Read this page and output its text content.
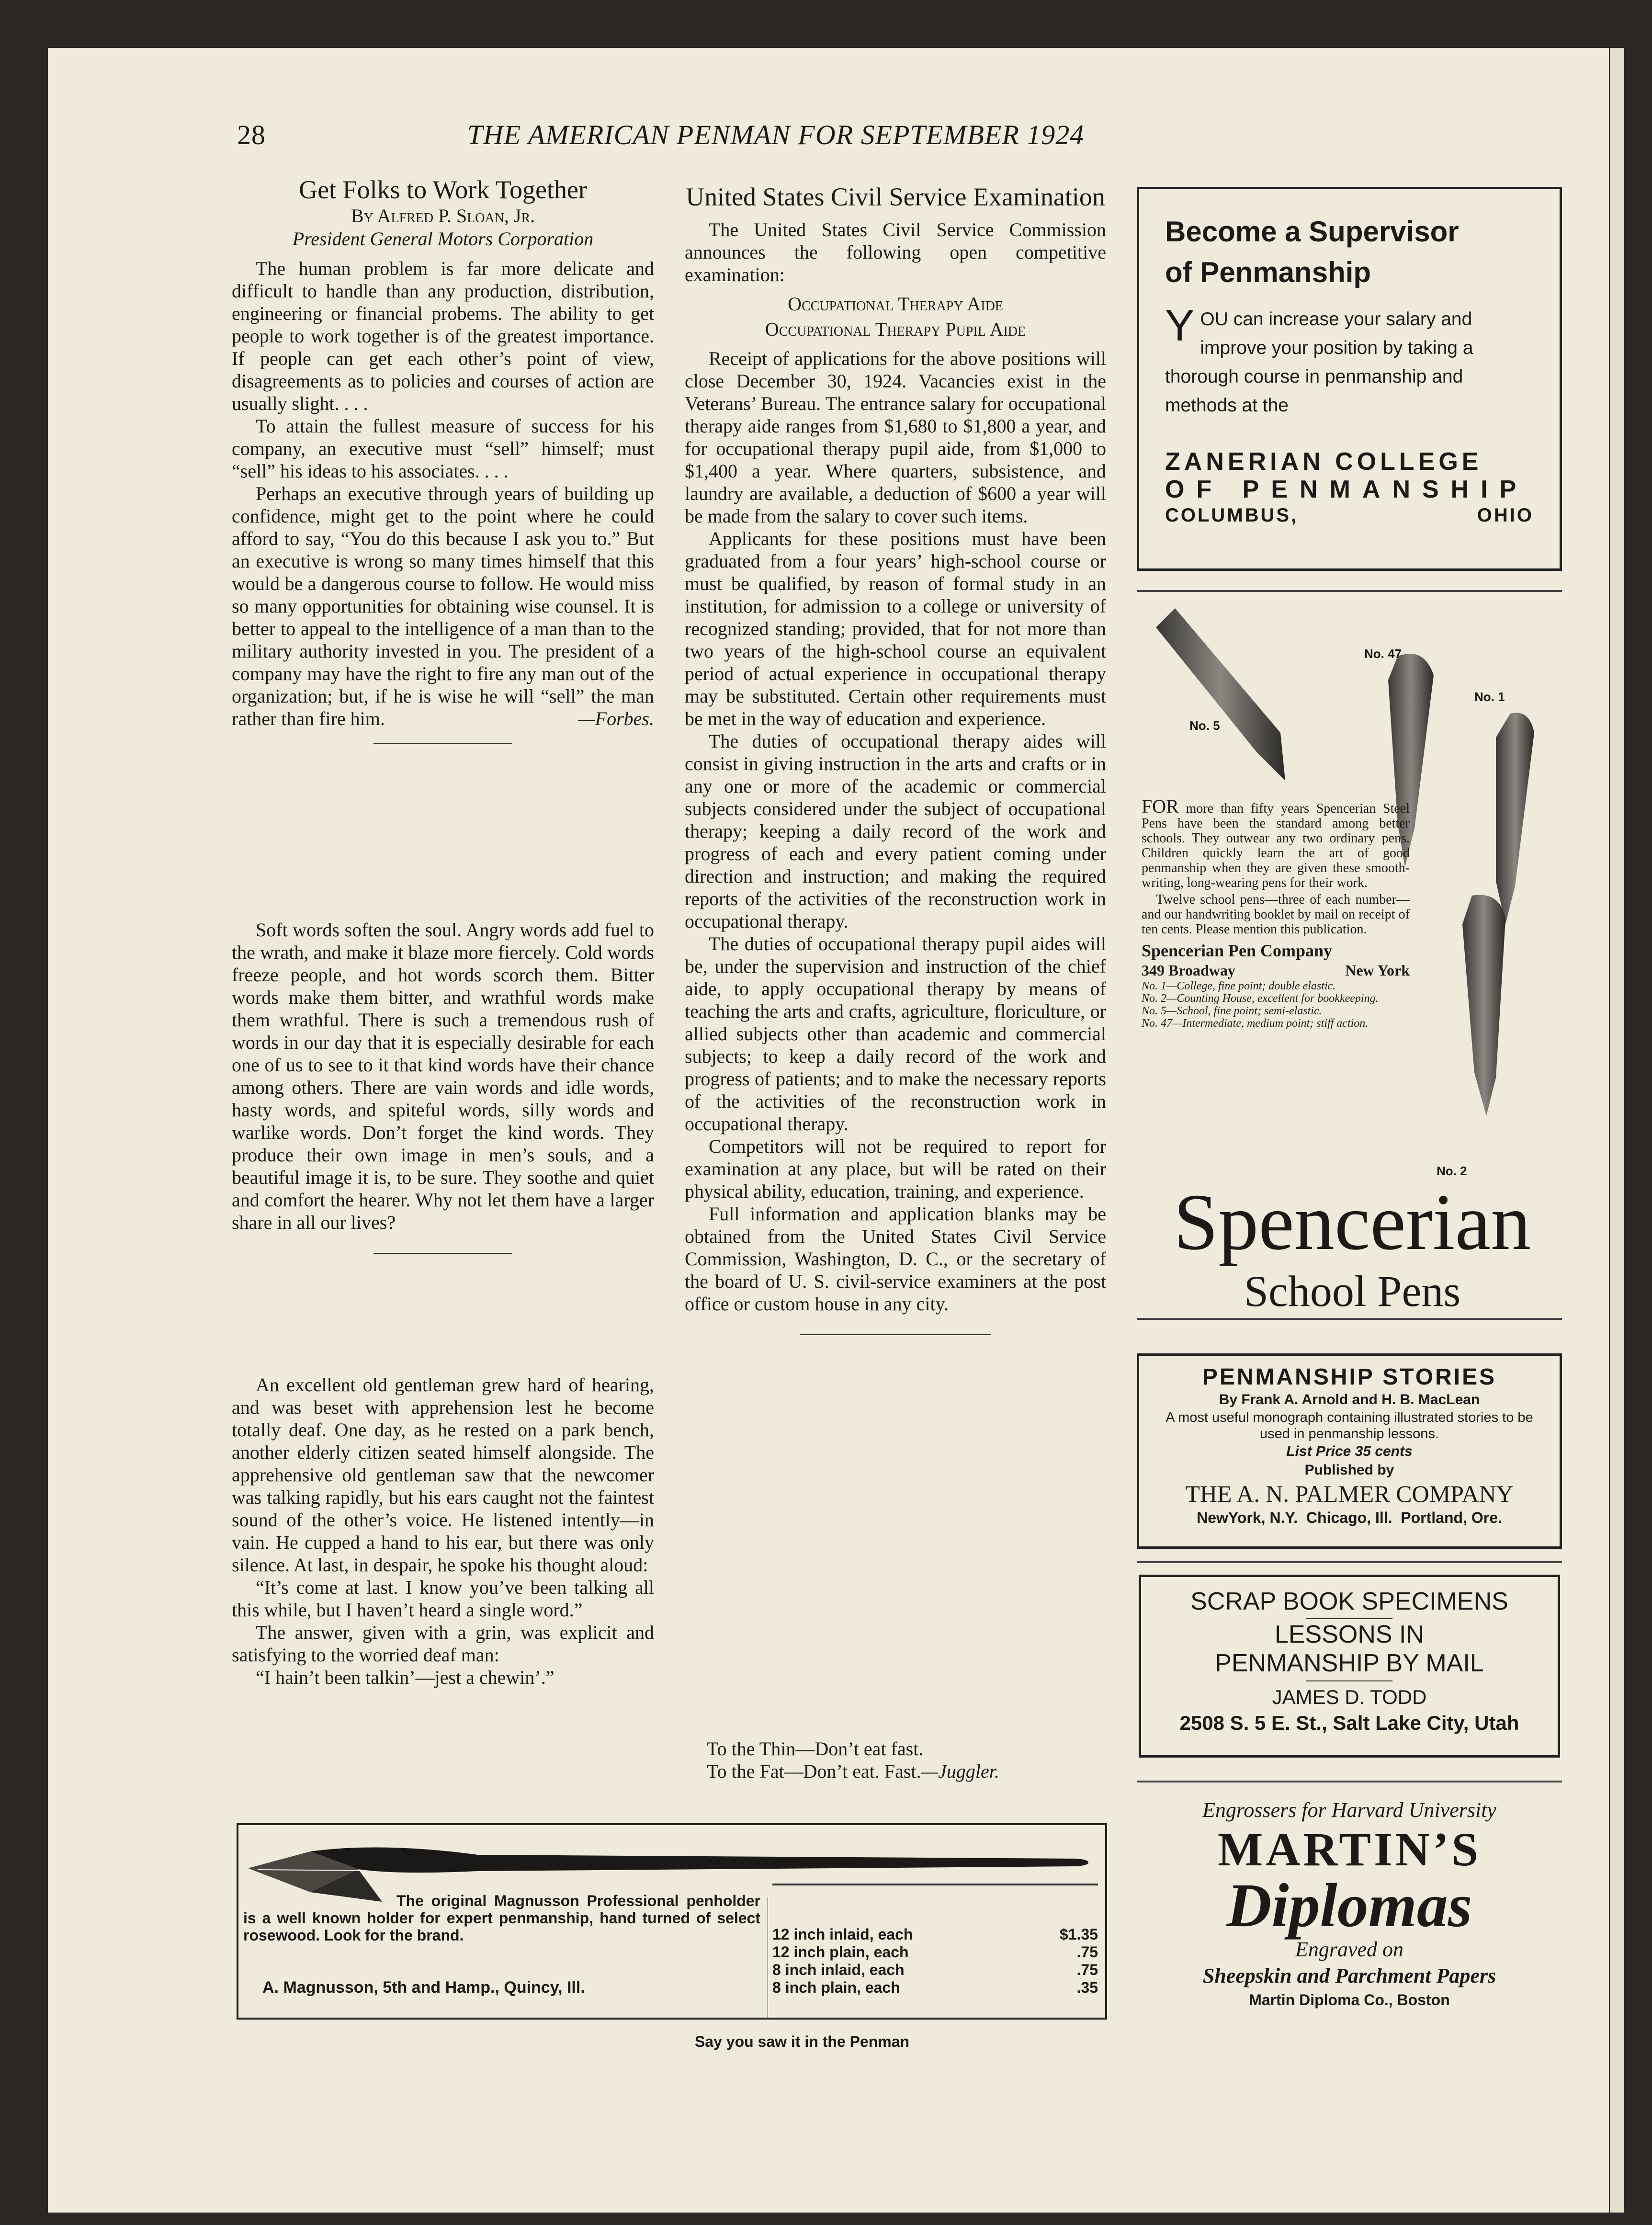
28	THE AMERICAN PENMAN FOR SEPTEMBER 1924
Get Folks to Work Together
By Alfred P. Sloan, Jr.
President General Motors Corporation

The human problem is far more delicate and difficult to handle than any production, distribution, engineering or financial probems. The ability to get people to work together is of the greatest importance. If people can get each other’s point of view, disagreements as to policies and courses of action are usually slight. . . .

To attain the fullest measure of success for his company, an executive must “sell” himself; must “sell” his ideas to his associates. . . .

Perhaps an executive through years of building up confidence, might get to the point where he could afford to say, “You do this because I ask you to.” But an executive is wrong so many times himself that this would be a dangerous course to follow. He would miss so many opportunities for obtaining wise counsel. It is better to appeal to the intelligence of a man than to the military authority invested in you. The president of a company may have the right to fire any man out of the organization; but, if he is wise he will “sell” the man rather than fire him.	—Forbes.

Soft words soften the soul. Angry words add fuel to the wrath, and make it blaze more fiercely. Cold words freeze people, and hot words scorch them. Bitter words make them bitter, and wrathful words make them wrathful. There is such a tremendous rush of words in our day that it is especially desirable for each one of us to see to it that kind words have their chance among others. There are vain words and idle words, hasty words, and spiteful words, silly words and warlike words. Don’t forget the kind words. They produce their own image in men’s souls, and a beautiful image it is, to be sure. They soothe and quiet and comfort the hearer. Why not let them have a larger share in all our lives?

An excellent old gentleman grew hard of hearing, and was beset with apprehension lest he become totally deaf. One day, as he rested on a park bench, another elderly citizen seated himself alongside. The apprehensive old gentleman saw that the newcomer was talking rapidly, but his ears caught not the faintest sound of the other’s voice. He listened intently—in vain. He cupped a hand to his ear, but there was only silence. At last, in despair, he spoke his thought aloud:

“It’s come at last. I know you’ve been talking all this while, but I haven’t heard a single word.”

The answer, given with a grin, was explicit and satisfying to the worried deaf man:

“I hain’t been talkin’—jest a chewin’.”

United States Civil Service Examination

The United States Civil Service Commission announces the following open competitive examination:

Occupational Therapy Aide
Occupational Therapy Pupil Aide

Receipt of applications for the above positions will close December 30, 1924. Vacancies exist in the Veterans’ Bureau. The entrance salary for occupational therapy aide ranges from $1,680 to $1,800 a year, and for occupational therapy pupil aide, from $1,000 to $1,400 a year. Where quarters, subsistence, and laundry are available, a deduction of $600 a year will be made from the salary to cover such items.

Applicants for these positions must have been graduated from a four years’ high-school course or must be qualified, by reason of formal study in an institution, for admission to a college or university of recognized standing; provided, that for not more than two years of the high-school course an equivalent period of actual experience in occupational therapy may be substituted. Certain other requirements must be met in the way of education and experience.

The duties of occupational therapy aides will consist in giving instruction in the arts and crafts or in any one or more of the academic or commercial subjects considered under the subject of occupational therapy; keeping a daily record of the work and progress of each and every patient coming under direction and instruction; and making the required reports of the activities of the reconstruction work in occupational therapy.

The duties of occupational therapy pupil aides will be, under the supervision and instruction of the chief aide, to apply occupational therapy by means of teaching the arts and crafts, agriculture, floriculture, or allied subjects other than academic and commercial subjects; to keep a daily record of the work and progress of patients; and to make the necessary reports of the activities of the reconstruction work in occupational therapy.

Competitors will not be required to report for examination at any place, but will be rated on their physical ability, education, training, and experience.

Full information and application blanks may be obtained from the United States Civil Service Commission, Washington, D. C., or the secretary of the board of U. S. civil-service examiners at the post office or custom house in any city.

To the Thin—Don’t eat fast.
To the Fat—Don’t eat. Fast.—Juggler.
Become a Supervisor
of Penmanship
Y OU can increase your salary and improve your position by taking a thorough course in penmanship and methods at the
ZANERIAN COLLEGE
OF PENMANSHIP
COLUMBUS,	OHIO
No. 47
No. 5
No. 1
No. 2
FOR more than fifty years Spencerian Steel Pens have been the standard among better schools. They outwear any two ordinary pens. Children quickly learn the art of good penmanship when they are given these smooth-writing, long-wearing pens for their work.
Twelve school pens—three of each number—and our handwriting booklet by mail on receipt of ten cents. Please mention this publication.
Spencerian Pen Company
349 Broadway	New York
No. 1—College, fine point; double elastic.
No. 2—Counting House, excellent for bookkeeping.
No. 5—School, fine point; semi-elastic.
No. 47—Intermediate, medium point; stiff action.
Spencerian
School Pens
PENMANSHIP STORIES
By Frank A. Arnold and H. B. MacLean
A most useful monograph containing illustrated stories to be used in penmanship lessons.
List Price 35 cents
Published by
THE A. N. PALMER COMPANY
NewYork, N.Y.  Chicago, Ill.  Portland, Ore.
SCRAP BOOK SPECIMENS
LESSONS IN
PENMANSHIP BY MAIL
JAMES D. TODD
2508 S. 5 E. St., Salt Lake City, Utah
Engrossers for Harvard University
MARTIN’S
Diplomas
Engraved on
Sheepskin and Parchment Papers
Martin Diploma Co., Boston
The original Magnusson Professional penholder is a well known holder for expert penmanship, hand turned of select rosewood. Look for the brand.
A. Magnusson, 5th and Hamp., Quincy, Ill.
12 inch inlaid, each	$1.35
12 inch plain, each	.75
8 inch inlaid, each	.75
8 inch plain, each	.35
Say you saw it in the Penman
